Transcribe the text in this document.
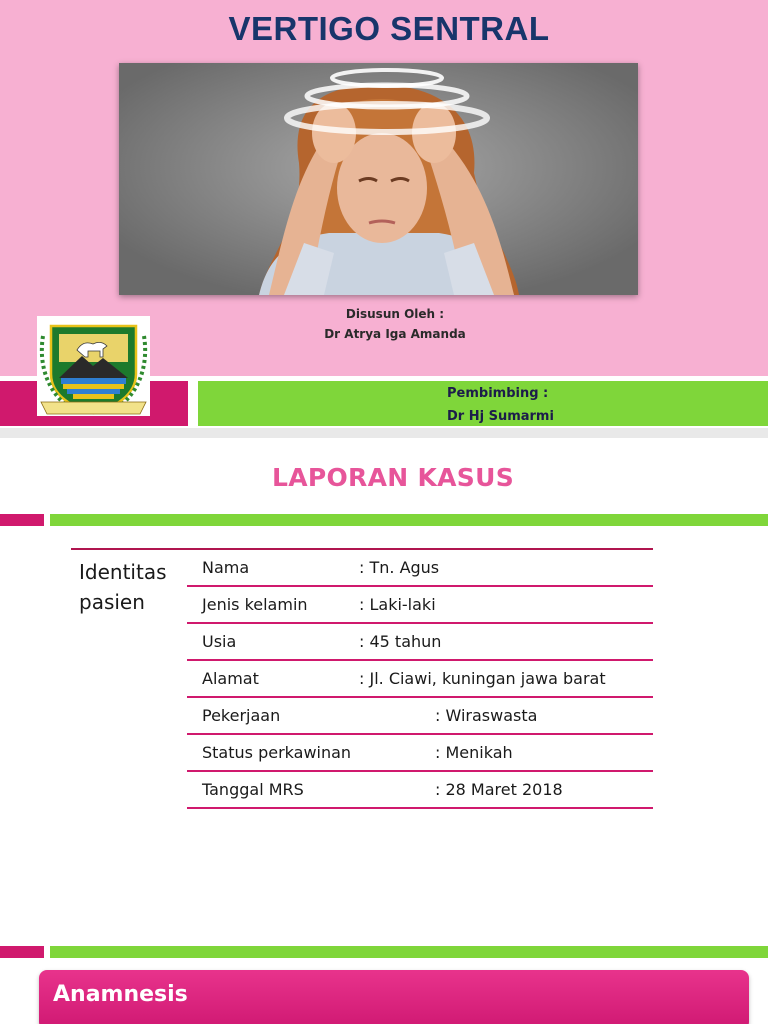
VERTIGO SENTRAL
Disusun Oleh :
Dr Atrya Iga Amanda
Pembimbing :
Dr Hj Sumarmi
LAPORAN KASUS
Identitas pasien
Nama	: Tn. Agus
Jenis kelamin	: Laki-laki
Usia	: 45 tahun
Alamat	: Jl. Ciawi, kuningan jawa barat
Pekerjaan	: Wiraswasta
Status perkawinan	: Menikah
Tanggal MRS	: 28 Maret 2018
Anamnesis
